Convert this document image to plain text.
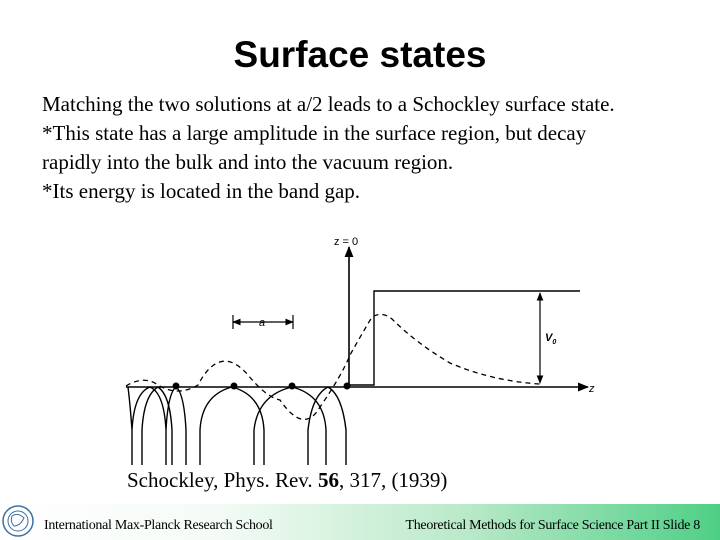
Surface states
Matching the two solutions at a/2 leads to a Schockley surface state.
*This state has a large amplitude in the surface region, but decay
rapidly into the bulk and into the vacuum region.
*Its energy is located in the band gap.
z = 0
z
a
$V_0$
Schockley, Phys. Rev. 56, 317, (1939)
International Max-Planck Research School	Theoretical Methods for Surface Science Part II Slide 8
